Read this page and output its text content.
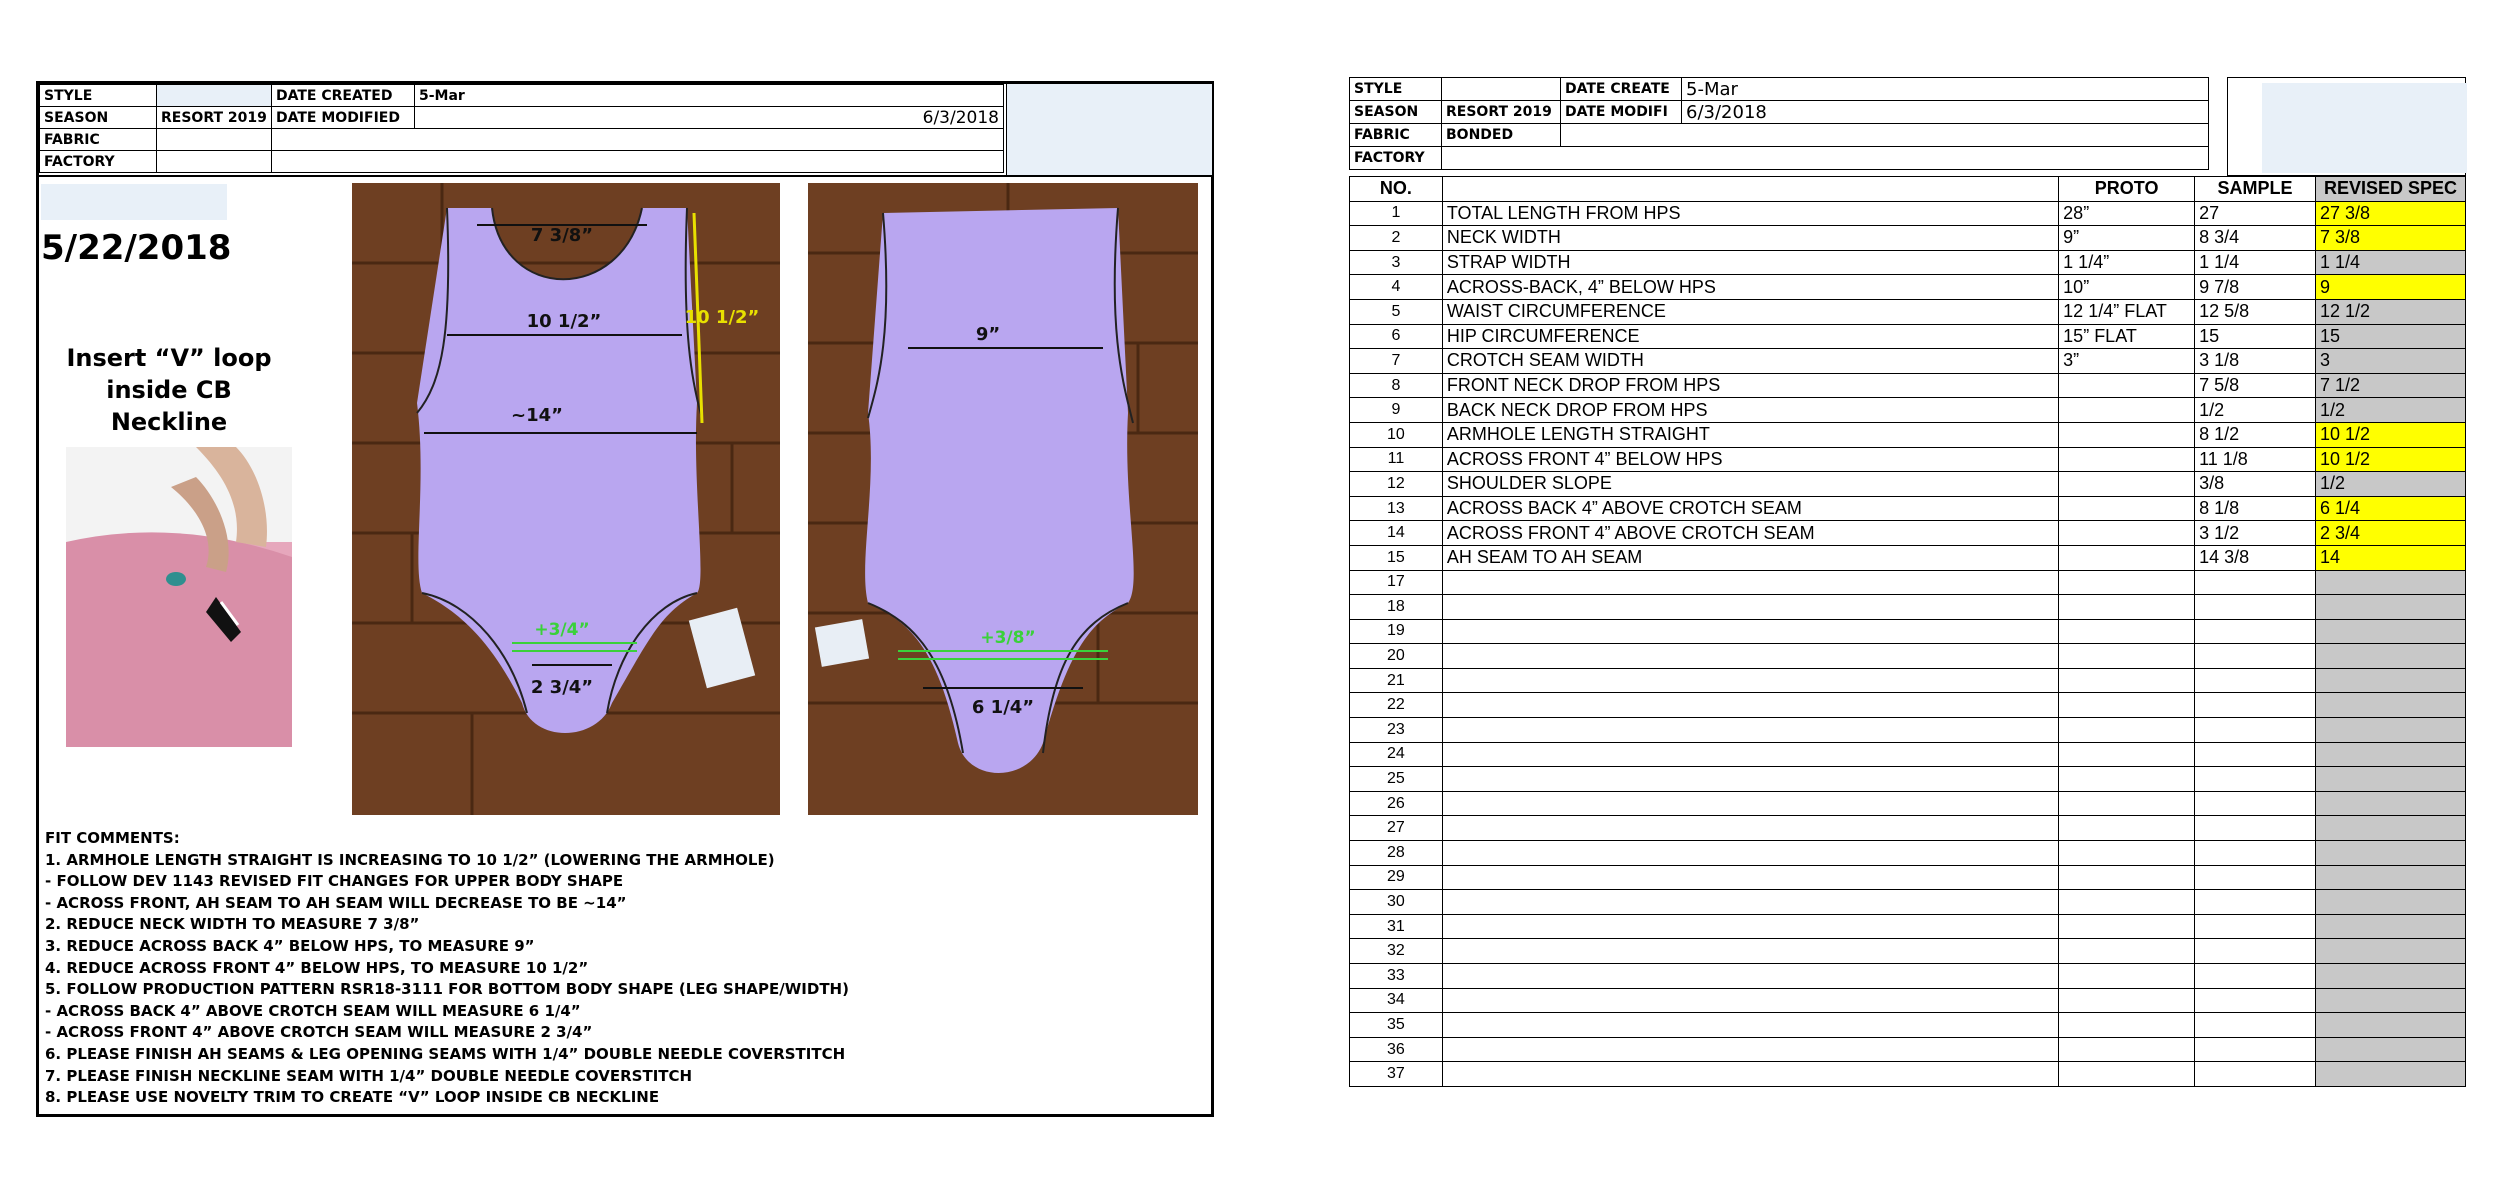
STYLE		DATE CREATED	5-Mar
SEASON	RESORT 2019	DATE MODIFIED	6/3/2018
FABRIC			
FACTORY			
5/22/2018
Insert “V” loop inside CB Neckline
7 3/8”
10 1/2”	10 1/2”
~14”
+3/4”
2 3/4”
9”
+3/8”
6 1/4”
FIT COMMENTS:
1. ARMHOLE LENGTH STRAIGHT IS INCREASING TO 10 1/2” (LOWERING THE ARMHOLE)
- FOLLOW DEV 1143 REVISED FIT CHANGES FOR UPPER BODY SHAPE
- ACROSS FRONT, AH SEAM TO AH SEAM WILL DECREASE TO BE ~14”
2. REDUCE NECK WIDTH TO MEASURE 7 3/8”
3. REDUCE ACROSS BACK 4” BELOW HPS, TO MEASURE 9”
4. REDUCE ACROSS FRONT 4” BELOW HPS, TO MEASURE 10 1/2”
5. FOLLOW PRODUCTION PATTERN RSR18-3111 FOR BOTTOM BODY SHAPE (LEG SHAPE/WIDTH)
- ACROSS BACK 4” ABOVE CROTCH SEAM WILL MEASURE 6 1/4”
- ACROSS FRONT 4” ABOVE CROTCH SEAM WILL MEASURE 2 3/4”
6. PLEASE FINISH AH SEAMS & LEG OPENING SEAMS WITH 1/4” DOUBLE NEEDLE COVERSTITCH
7. PLEASE FINISH NECKLINE SEAM WITH 1/4” DOUBLE NEEDLE COVERSTITCH
8. PLEASE USE NOVELTY TRIM TO CREATE “V” LOOP INSIDE CB NECKLINE
STYLE		DATE CREATE	5-Mar
SEASON	RESORT 2019	DATE MODIFI	6/3/2018
FABRIC	BONDED		
FACTORY			
NO.		PROTO	SAMPLE	REVISED SPEC
1	TOTAL LENGTH FROM HPS	28”	27	27 3/8
2	NECK WIDTH	9”	8 3/4	7 3/8
3	STRAP WIDTH	1 1/4”	1 1/4	1 1/4
4	ACROSS-BACK, 4” BELOW HPS	10”	9 7/8	9
5	WAIST CIRCUMFERENCE	12 1/4” FLAT	12 5/8	12 1/2
6	HIP CIRCUMFERENCE	15” FLAT	15	15
7	CROTCH SEAM WIDTH	3”	3 1/8	3
8	FRONT NECK DROP FROM HPS		7 5/8	7 1/2
9	BACK NECK DROP FROM HPS		1/2	1/2
10	ARMHOLE LENGTH STRAIGHT		8 1/2	10 1/2
11	ACROSS FRONT 4” BELOW HPS		11 1/8	10 1/2
12	SHOULDER SLOPE		3/8	1/2
13	ACROSS BACK 4” ABOVE CROTCH SEAM		8 1/8	6 1/4
14	ACROSS FRONT 4” ABOVE CROTCH SEAM		3 1/2	2 3/4
15	AH SEAM TO AH SEAM		14 3/8	14
17				
18				
19				
20				
21				
22				
23				
24				
25				
26				
27				
28				
29				
30				
31				
32				
33				
34				
35				
36				
37				
